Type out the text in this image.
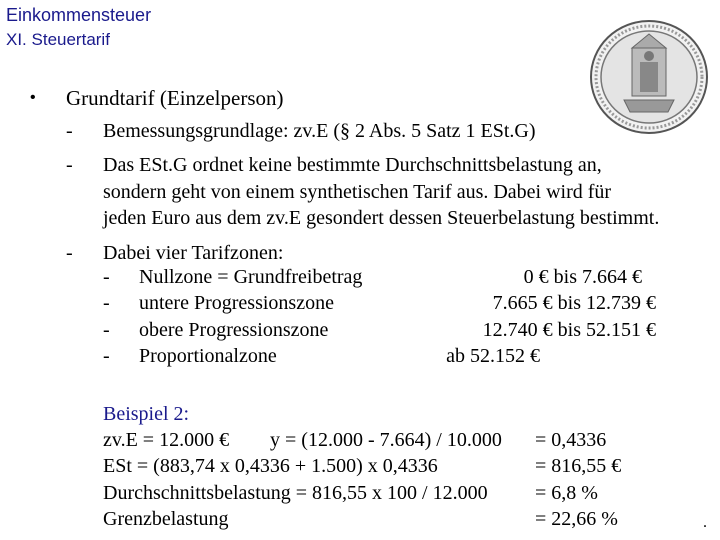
Einkommensteuer
XI. Steuertarif
• Grundtarif (Einzelperson)
- Bemessungsgrundlage: zv.E (§ 2 Abs. 5 Satz 1 ESt.G)
- Das ESt.G ordnet keine bestimmte Durchschnittsbelastung an,
sondern geht von einem synthetischen Tarif aus. Dabei wird für
jeden Euro aus dem zv.E gesondert dessen Steuerbelastung bestimmt.
- Dabei vier Tarifzonen:
- Nullzone = Grundfreibetrag	0 € bis 7.664 €
- untere Progressionszone	7.665 € bis 12.739 €
- obere Progressionszone	12.740 € bis 52.151 €
- Proportionalzone	ab 52.152 €
Beispiel 2:
zv.E = 12.000 € y = (12.000 - 7.664) / 10.000 = 0,4336
ESt = (883,74 x 0,4336 + 1.500) x 0,4336	= 816,55 €
Durchschnittsbelastung = 816,55 x 100 / 12.000 = 6,8 %
Grenzbelastung	= 22,66 %	.
